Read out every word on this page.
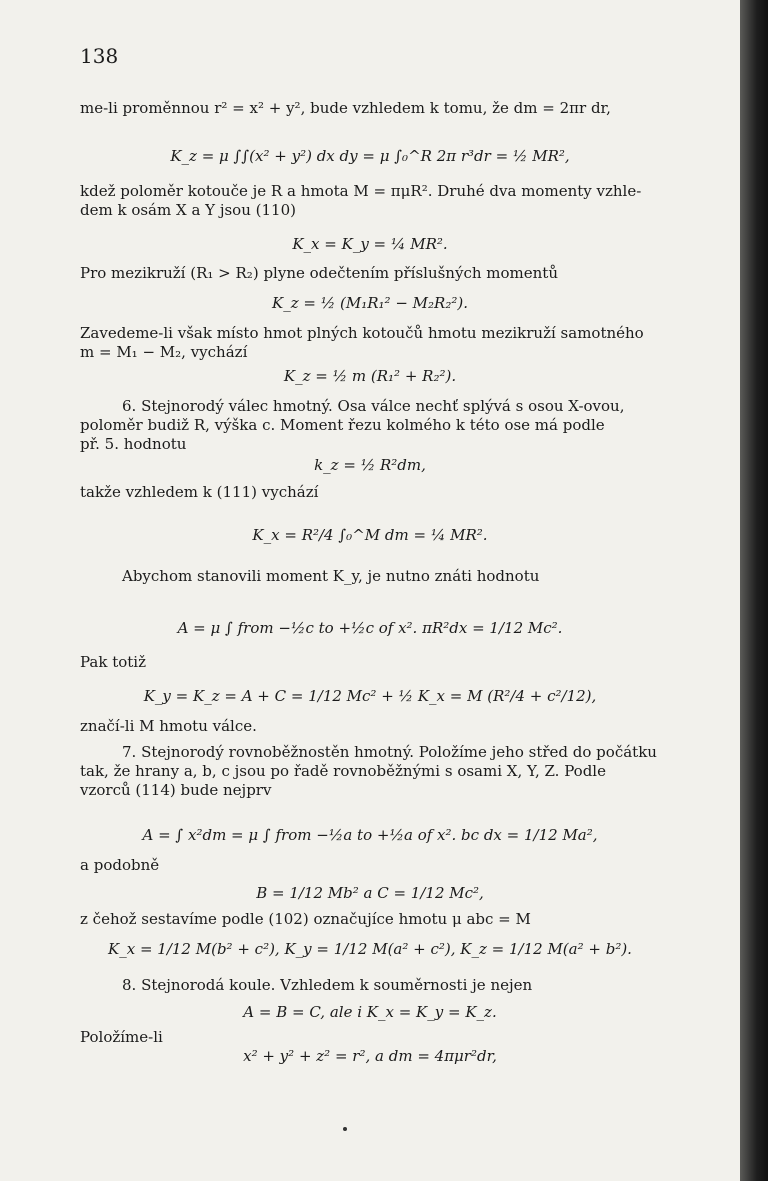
138
me-li proměnnou r² = x² + y², bude vzhledem k tomu, že dm = 2πr dr,
K_z = μ ∫∫(x² + y²) dx dy = μ ∫₀^R 2π r³dr = ½ MR²,
kdež poloměr kotouče je R a hmota M = πμR². Druhé dva momenty vzhle-
dem k osám X a Y jsou (110)
K_x = K_y = ¼ MR².
Pro mezikruží (R₁ > R₂) plyne odečtením příslušných momentů
K_z = ½ (M₁R₁² − M₂R₂²).
Zavedeme-li však místo hmot plných kotoučů hmotu mezikruží samotného
m = M₁ − M₂, vychází
K_z = ½ m (R₁² + R₂²).
6. Stejnorodý válec hmotný. Osa válce nechť splývá s osou X-ovou,
poloměr budiž R, výška c. Moment řezu kolmého k této ose má podle
př. 5. hodnotu
k_z = ½ R²dm,
takže vzhledem k (111) vychází
K_x = R²/4 ∫₀^M dm = ¼ MR².
Abychom stanovili moment K_y, je nutno znáti hodnotu
A = μ ∫ from −½c to +½c of x². πR²dx = 1/12 Mc².
Pak totiž
K_y = K_z = A + C = 1/12 Mc² + ½ K_x = M (R²/4 + c²/12),
značí-li M hmotu válce.
7. Stejnorodý rovnoběžnostěn hmotný. Položíme jeho střed do počátku
tak, že hrany a, b, c jsou po řadě rovnoběžnými s osami X, Y, Z. Podle
vzorců (114) bude nejprv
A = ∫ x²dm = μ ∫ from −½a to +½a of x². bc dx = 1/12 Ma²,
a podobně
B = 1/12 Mb² a C = 1/12 Mc²,
z čehož sestavíme podle (102) označujíce hmotu μ abc = M
K_x = 1/12 M(b² + c²), K_y = 1/12 M(a² + c²), K_z = 1/12 M(a² + b²).
8. Stejnorodá koule. Vzhledem k souměrnosti je nejen
A = B = C, ale i K_x = K_y = K_z.
Položíme-li
x² + y² + z² = r², a dm = 4πμr²dr,
